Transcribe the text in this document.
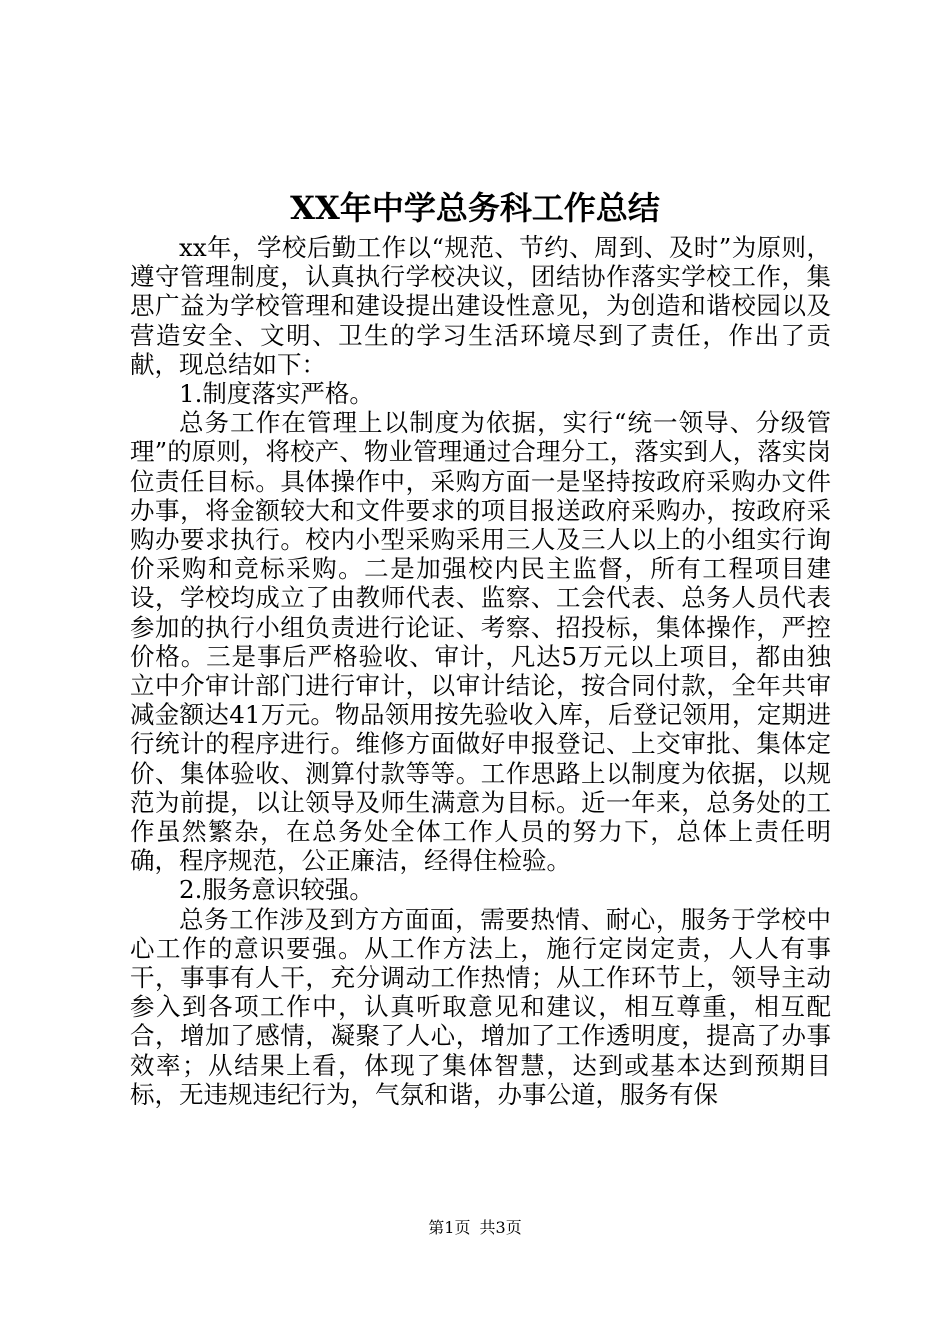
XX年中学总务科工作总结

xx年，学校后勤工作以“规范、节约、周到、及时”为原则，遵守管理制度，认真执行学校决议，团结协作落实学校工作，集思广益为学校管理和建设提出建设性意见，为创造和谐校园以及营造安全、文明、卫生的学习生活环境尽到了责任，作出了贡献，现总结如下：

1.制度落实严格。

总务工作在管理上以制度为依据，实行“统一领导、分级管理”的原则，将校产、物业管理通过合理分工，落实到人，落实岗位责任目标。具体操作中，采购方面一是坚持按政府采购办文件办事，将金额较大和文件要求的项目报送政府采购办，按政府采购办要求执行。校内小型采购采用三人及三人以上的小组实行询价采购和竞标采购。二是加强校内民主监督，所有工程项目建设，学校均成立了由教师代表、监察、工会代表、总务人员代表参加的执行小组负责进行论证、考察、招投标，集体操作，严控价格。三是事后严格验收、审计，凡达5万元以上项目，都由独立中介审计部门进行审计，以审计结论，按合同付款，全年共审减金额达41万元。物品领用按先验收入库，后登记领用，定期进行统计的程序进行。维修方面做好申报登记、上交审批、集体定价、集体验收、测算付款等等。工作思路上以制度为依据，以规范为前提，以让领导及师生满意为目标。近一年来，总务处的工作虽然繁杂，在总务处全体工作人员的努力下，总体上责任明确，程序规范，公正廉洁，经得住检验。

2.服务意识较强。

总务工作涉及到方方面面，需要热情、耐心，服务于学校中心工作的意识要强。从工作方法上，施行定岗定责，人人有事干，事事有人干，充分调动工作热情；从工作环节上，领导主动参入到各项工作中，认真听取意见和建议，相互尊重，相互配合，增加了感情，凝聚了人心，增加了工作透明度，提高了办事效率；从结果上看，体现了集体智慧，达到或基本达到预期目标，无违规违纪行为，气氛和谐，办事公道，服务有保

第1页 共3页
